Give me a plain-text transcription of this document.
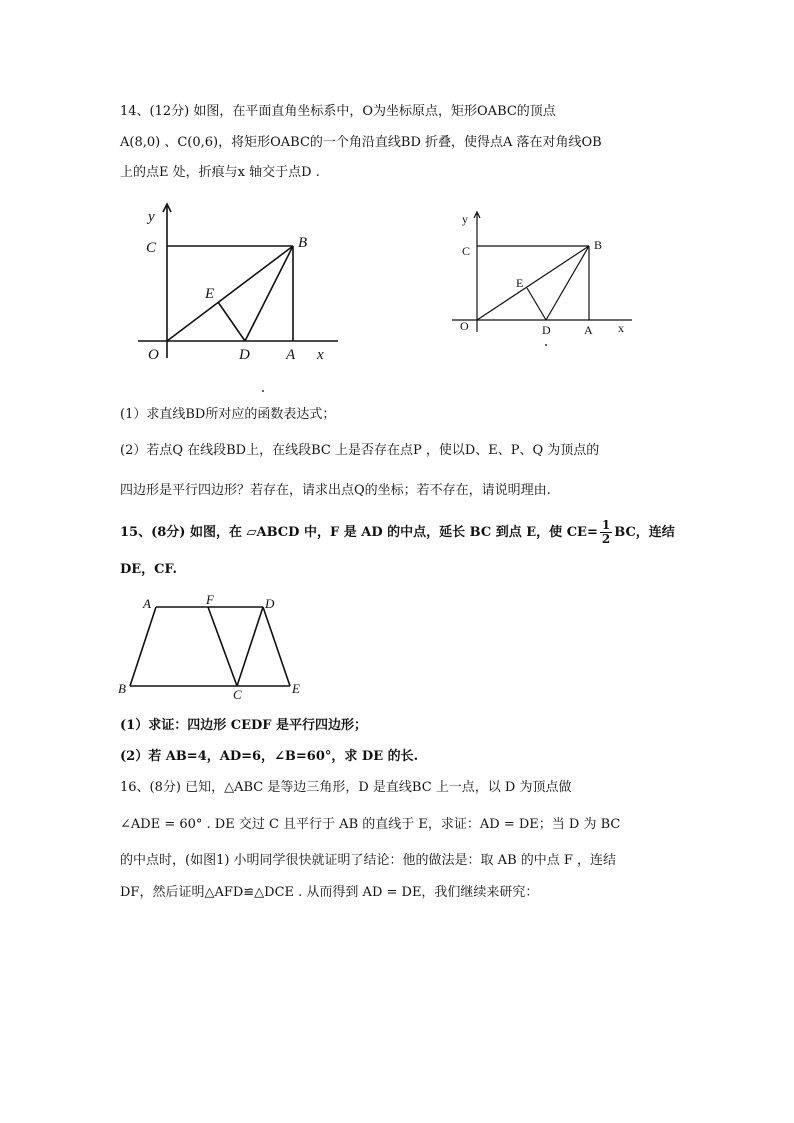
14、(12分) 如图，在平面直角坐标系中，O为坐标原点，矩形OABC的顶点
A(8,0) 、C(0,6)，将矩形OABC的一个角沿直线BD 折叠，使得点A 落在对角线OB
上的点E 处，折痕与x 轴交于点D .
y
C	B
E
O	D A x
y
C	B
E
O	D	A x
(1）求直线BD所对应的函数表达式；
(2）若点Q 在线段BD上，在线段BC 上是否存在点P ，使以D、E、P、Q 为顶点的
四边形是平行四边形？若存在，请求出点Q的坐标；若不存在，请说明理由.
15、(8分) 如图，在 ▱ABCD 中，F 是 AD 的中点，延长 BC 到点 E，使 $CE= \frac{1}{2}$ BC，连结
DE，CF.
A	F	D
B	C	E
(1）求证：四边形 CEDF 是平行四边形；
(2）若 AB=4，AD=6，∠B=60°，求 DE 的长.
16、(8分) 已知，△ABC 是等边三角形，D 是直线BC 上一点，以 D 为顶点做
∠ADE = 60° . DE 交过 C 且平行于 AB 的直线于 E，求证：AD = DE；当 D 为 BC
的中点时，(如图1) 小明同学很快就证明了结论：他的做法是：取 AB 的中点 F ，连结
DF，然后证明△AFD≌△DCE . 从而得到 AD = DE，我们继续来研究：
